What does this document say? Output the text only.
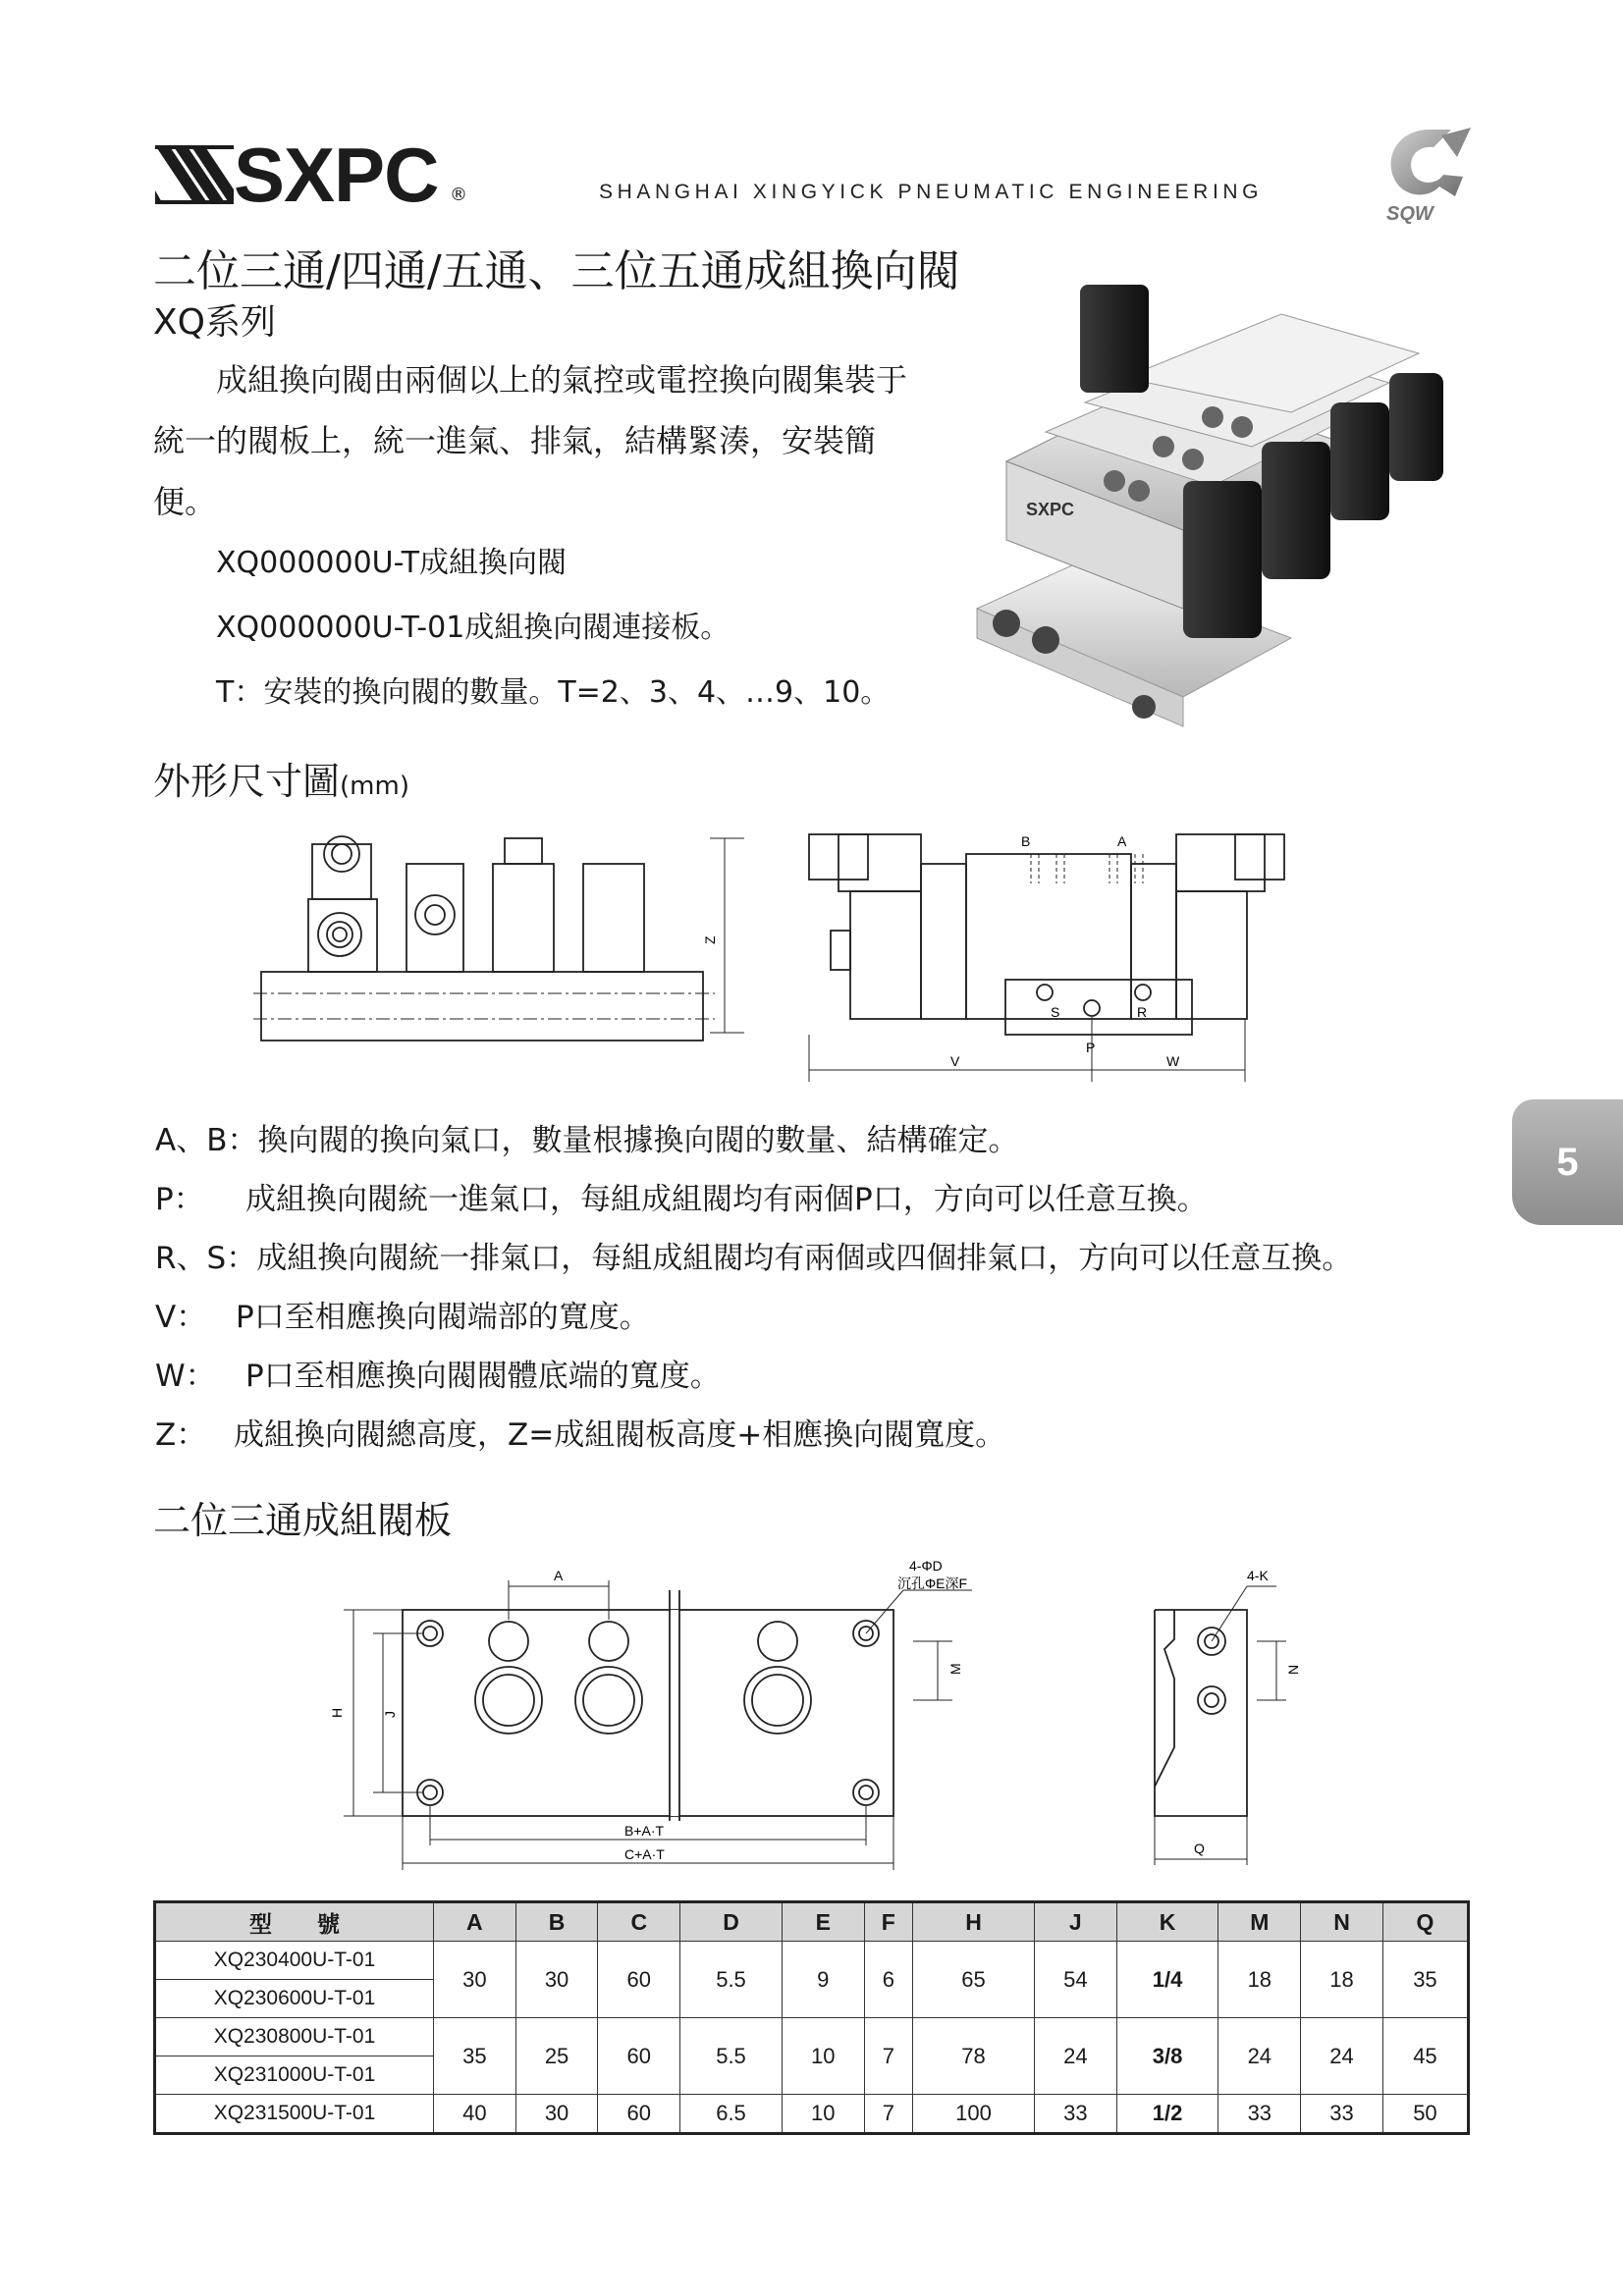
SXPC ®	SHANGHAI XINGYICK PNEUMATIC ENGINEERING
SQW
二位三通/四通/五通、三位五通成組換向閥
XQ系列
　　成組換向閥由兩個以上的氣控或電控換向閥集裝于統一的閥板上，統一進氣、排氣，結構緊湊，安裝簡便。
XQ000000U-T成組換向閥
XQ000000U-T-01成組換向閥連接板。
T：安裝的換向閥的數量。T=2、3、4、…9、10。
SXPC
外形尺寸圖(mm)
Z
B	A
S	R
P
V	W
A、B：換向閥的換向氣口，數量根據換向閥的數量、結構確定。
P： 成組換向閥統一進氣口，每組成組閥均有兩個P口，方向可以任意互換。
R、S：成組換向閥統一排氣口，每組成組閥均有兩個或四個排氣口，方向可以任意互換。
V： P口至相應換向閥端部的寬度。
W： P口至相應換向閥閥體底端的寬度。
Z： 成組換向閥總高度，Z=成組閥板高度+相應換向閥寬度。
5
二位三通成組閥板
A
4-ΦD
沉孔ΦE深F
M
H	J
B+A·T
C+A·T
4-K
N
Q
型　　號	A	B	C	D	E	F	H	J	K	M	N	Q
XQ230400U-T-01	30	30	60	5.5	9	6	65	54	1/4	18	18	35
XQ230600U-T-01												
XQ230800U-T-01	35	25	60	5.5	10	7	78	24	3/8	24	24	45
XQ231000U-T-01												
XQ231500U-T-01	40	30	60	6.5	10	7	100	33	1/2	33	33	50
